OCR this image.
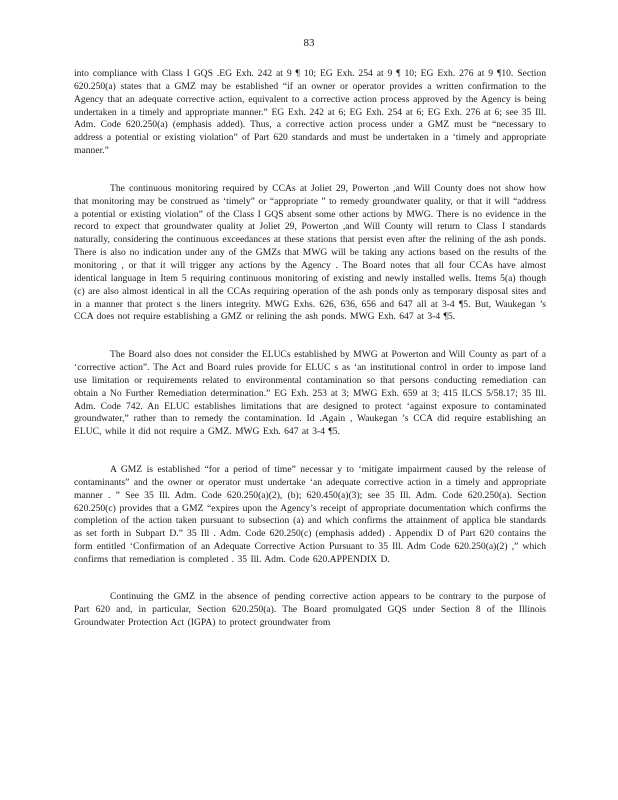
83

into compliance with Class I GQS .EG Exh. 242 at 9 ¶ 10; EG Exh. 254 at 9 ¶ 10; EG Exh. 276 at 9 ¶10. Section 620.250(a) states that a GMZ may be established “if an owner or operator provides a written confirmation to the Agency that an adequate corrective action, equivalent to a corrective action process approved by the Agency is being undertaken in a timely and appropriate manner.” EG Exh. 242 at 6; EG Exh. 254 at 6; EG Exh. 276 at 6; see 35 Ill. Adm. Code 620.250(a) (emphasis added). Thus, a corrective action process under a GMZ must be “necessary to address a potential or existing violation” of Part 620 standards and must be undertaken in a ‘timely and appropriate manner.”

The continuous monitoring required by CCAs at Joliet 29, Powerton ,and Will County does not show how that monitoring may be construed as ‘timely” or “appropriate ” to remedy groundwater quality, or that it will “address a potential or existing violation” of the Class I GQS absent some other actions by MWG. There is no evidence in the record to expect that groundwater quality at Joliet 29, Powerton ,and Will County will return to Class I standards naturally, considering the continuous exceedances at these stations that persist even after the relining of the ash ponds. There is also no indication under any of the GMZs that MWG will be taking any actions based on the results of the monitoring , or that it will trigger any actions by the Agency . The Board notes that all four CCAs have almost identical language in Item 5 requiring continuous monitoring of existing and newly installed wells. Items 5(a) though (c) are also almost identical in all the CCAs requiring operation of the ash ponds only as temporary disposal sites and in a manner that protect s the liners integrity. MWG Exhs. 626, 636, 656 and 647 all at 3-4 ¶5. But, Waukegan ’s CCA does not require establishing a GMZ or relining the ash ponds. MWG Exh. 647 at 3-4 ¶5.

The Board also does not consider the ELUCs established by MWG at Powerton and Will County as part of a ‘corrective action”. The Act and Board rules provide for ELUC s as ‘an institutional control in order to impose land use limitation or requirements related to environmental contamination so that persons conducting remediation can obtain a No Further Remediation determination.” EG Exh. 253 at 3; MWG Exh. 659 at 3; 415 ILCS 5/58.17; 35 Ill. Adm. Code 742. An ELUC establishes limitations that are designed to protect ‘against exposure to contaminated groundwater,” rather than to remedy the contamination. Id .Again , Waukegan ’s CCA did require establishing an ELUC, while it did not require a GMZ. MWG Exh. 647 at 3-4 ¶5.

A GMZ is established “for a period of time” necessar y to ‘mitigate impairment caused by the release of contaminants” and the owner or operator must undertake ‘an adequate corrective action in a timely and appropriate manner . ” See 35 Ill. Adm. Code 620.250(a)(2), (b); 620.450(a)(3); see 35 Ill. Adm. Code 620.250(a). Section 620.250(c) provides that a GMZ “expires upon the Agency’s receipt of appropriate documentation which confirms the completion of the action taken pursuant to subsection (a) and which confirms the attainment of applica ble standards as set forth in Subpart D.” 35 Ill . Adm. Code 620.250(c) (emphasis added) . Appendix D of Part 620 contains the form entitled ‘Confirmation of an Adequate Corrective Action Pursuant to 35 Ill. Adm Code 620.250(a)(2) ,” which confirms that remediation is completed . 35 Ill. Adm. Code 620.APPENDIX D.

Continuing the GMZ in the absence of pending corrective action appears to be contrary to the purpose of Part 620 and, in particular, Section 620.250(a). The Board promulgated GQS under Section 8 of the Illinois Groundwater Protection Act (IGPA) to protect groundwater from
